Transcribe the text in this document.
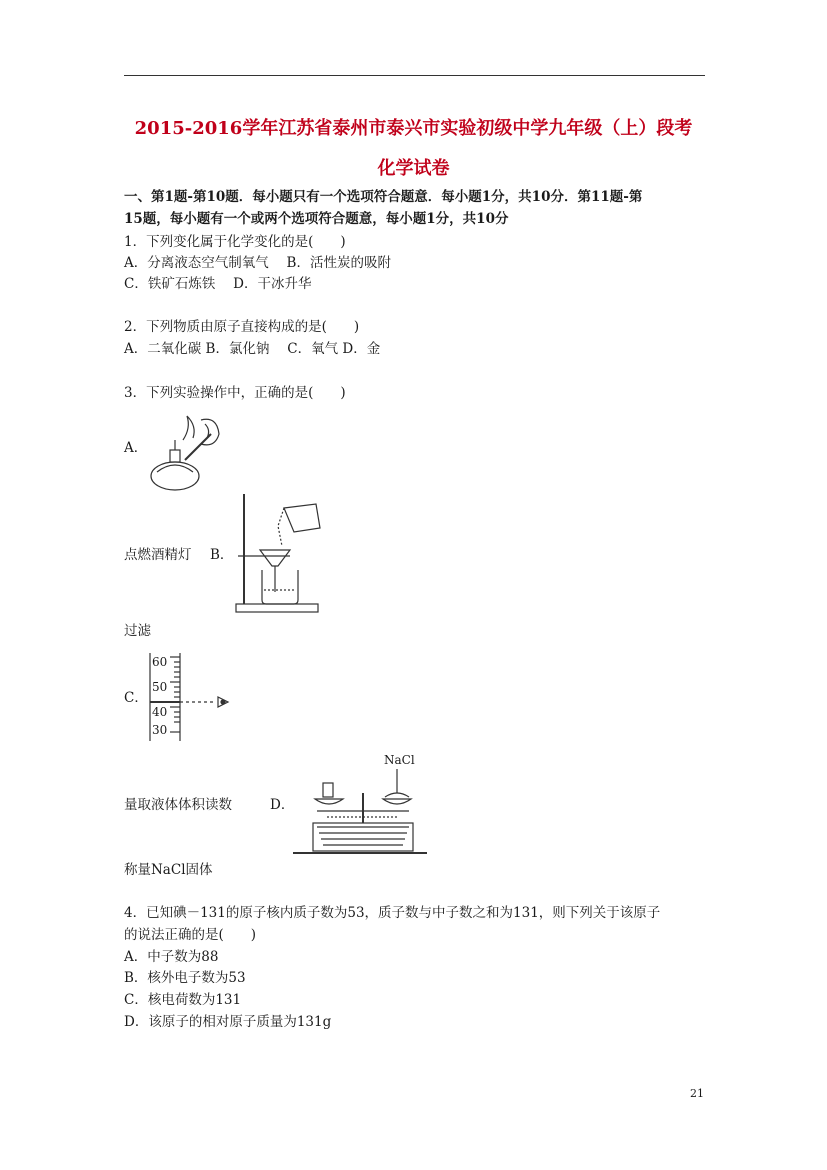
2015-2016学年江苏省泰州市泰兴市实验初级中学九年级（上）段考
化学试卷
一、第1题-第10题．每小题只有一个选项符合题意．每小题1分，共10分．第11题-第
15题，每小题有一个或两个选项符合题意，每小题1分，共10分
1．下列变化属于化学变化的是(　　)
A．分离液态空气制氧气　 B．活性炭的吸附
C．铁矿石炼铁　 D．干冰升华
2．下列物质由原子直接构成的是(　　)
A．二氧化碳 B．氯化钠　 C．氧气 D．金
3．下列实验操作中，正确的是(　　)
A．
点燃酒精灯 B．
过滤
C．
60
50
40
30
量取液体体积读数	D．
NaCl
称量NaCl固体
4．已知碘－131的原子核内质子数为53，质子数与中子数之和为131，则下列关于该原子
的说法正确的是(　　)
A．中子数为88
B．核外电子数为53
C．核电荷数为131
D．该原子的相对原子质量为131g
21
